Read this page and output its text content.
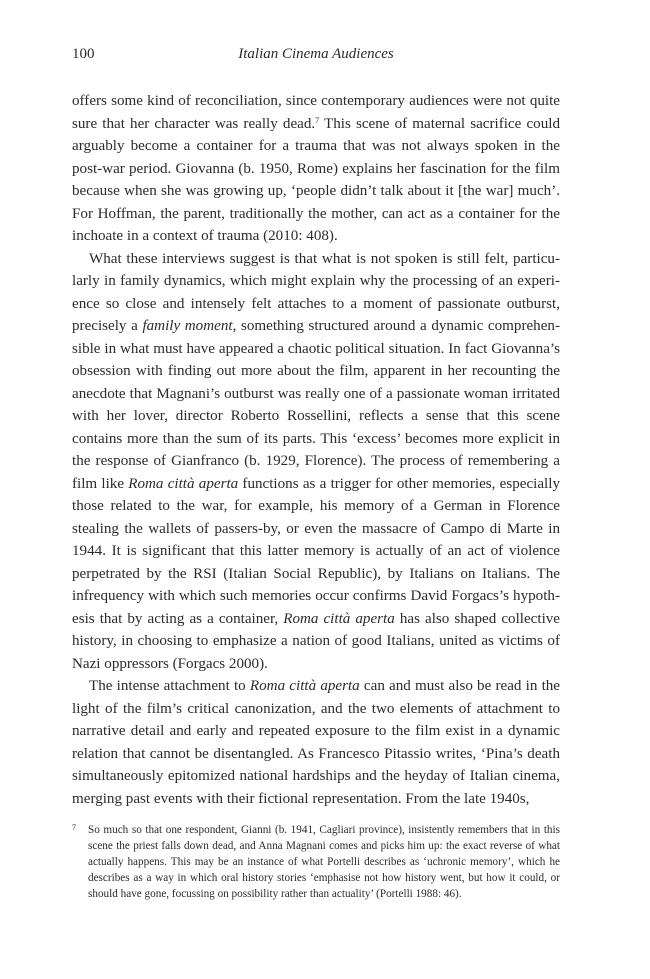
100	Italian Cinema Audiences

offers some kind of reconciliation, since contemporary audiences were not quite sure that her character was really dead.$^7$ This scene of maternal sacrifice could arguably become a container for a trauma that was not always spoken in the post-war period. Giovanna (b. 1950, Rome) explains her fascination for the film because when she was growing up, ‘people didn’t talk about it [the war] much’. For Hoffman, the parent, traditionally the mother, can act as a container for the inchoate in a context of trauma (2010: 408).

What these interviews suggest is that what is not spoken is still felt, particularly in family dynamics, which might explain why the processing of an experience so close and intensely felt attaches to a moment of passionate outburst, precisely a family moment, something structured around a dynamic comprehensible in what must have appeared a chaotic political situation. In fact Giovanna’s obsession with finding out more about the film, apparent in her recounting the anecdote that Magnani’s outburst was really one of a passionate woman irritated with her lover, director Roberto Rossellini, reflects a sense that this scene contains more than the sum of its parts. This ‘excess’ becomes more explicit in the response of Gianfranco (b. 1929, Florence). The process of remembering a film like Roma città aperta functions as a trigger for other memories, especially those related to the war, for example, his memory of a German in Florence stealing the wallets of passers-by, or even the massacre of Campo di Marte in 1944. It is significant that this latter memory is actually of an act of violence perpetrated by the RSI (Italian Social Republic), by Italians on Italians. The infrequency with which such memories occur confirms David Forgacs’s hypothesis that by acting as a container, Roma città aperta has also shaped collective history, in choosing to emphasize a nation of good Italians, united as victims of Nazi oppressors (Forgacs 2000).

The intense attachment to Roma città aperta can and must also be read in the light of the film’s critical canonization, and the two elements of attachment to narrative detail and early and repeated exposure to the film exist in a dynamic relation that cannot be disentangled. As Francesco Pitassio writes, ‘Pina’s death simultaneously epitomized national hardships and the heyday of Italian cinema, merging past events with their fictional representation. From the late 1940s,

7 So much so that one respondent, Gianni (b. 1941, Cagliari province), insistently remembers that in this scene the priest falls down dead, and Anna Magnani comes and picks him up: the exact reverse of what actually happens. This may be an instance of what Portelli describes as ‘uchronic memory’, which he describes as a way in which oral history stories ‘emphasise not how history went, but how it could, or should have gone, focussing on possibility rather than actuality’ (Portelli 1988: 46).
